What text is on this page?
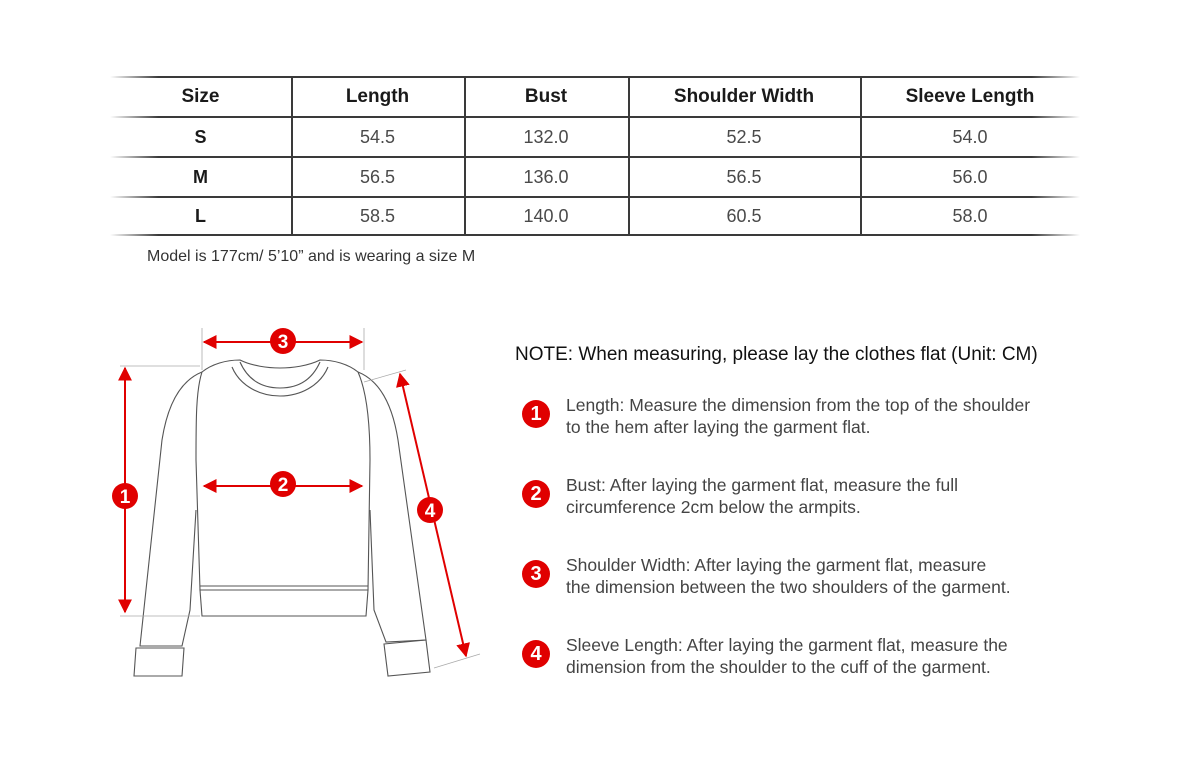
Size	Length	Bust	Shoulder Width	Sleeve Length
S	54.5	132.0	52.5	54.0
M	56.5	136.0	56.5	56.0
L	58.5	140.0	60.5	58.0
Model is 177cm/ 5’10” and is wearing a size M
1
2
3
4
NOTE: When measuring, please lay the clothes flat (Unit: CM)
1	Length: Measure the dimension from the top of the shoulder
to the hem after laying the garment flat.
2	Bust: After laying the garment flat, measure the full
circumference 2cm below the armpits.
3	Shoulder Width: After laying the garment flat, measure
the dimension between the two shoulders of the garment.
4	Sleeve Length: After laying the garment flat, measure the
dimension from the shoulder to the cuff of the garment.
